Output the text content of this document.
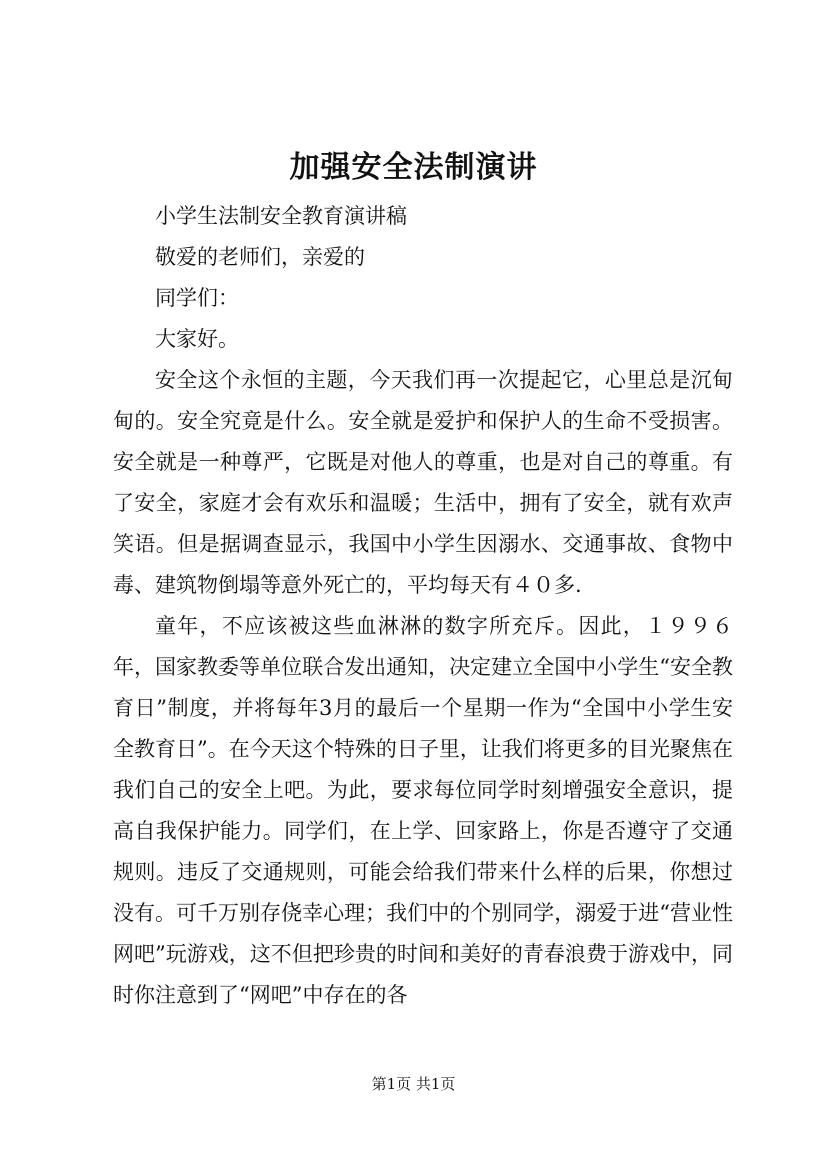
加强安全法制演讲

小学生法制安全教育演讲稿

敬爱的老师们，亲爱的

同学们：

大家好。

安全这个永恒的主题，今天我们再一次提起它，心里总是沉甸甸的。安全究竟是什么。安全就是爱护和保护人的生命不受损害。安全就是一种尊严，它既是对他人的尊重，也是对自己的尊重。有了安全，家庭才会有欢乐和温暖；生活中，拥有了安全，就有欢声笑语。但是据调查显示，我国中小学生因溺水、交通事故、食物中毒、建筑物倒塌等意外死亡的，平均每天有４０多.

童年，不应该被这些血淋淋的数字所充斥。因此，１９９６年，国家教委等单位联合发出通知，决定建立全国中小学生“安全教育日”制度，并将每年3月的最后一个星期一作为“全国中小学生安全教育日”。在今天这个特殊的日子里，让我们将更多的目光聚焦在我们自己的安全上吧。为此，要求每位同学时刻增强安全意识，提高自我保护能力。同学们，在上学、回家路上，你是否遵守了交通规则。违反了交通规则，可能会给我们带来什么样的后果，你想过没有。可千万别存侥幸心理；我们中的个别同学，溺爱于进“营业性网吧”玩游戏，这不但把珍贵的时间和美好的青春浪费于游戏中，同时你注意到了“网吧”中存在的各

第1页 共1页
